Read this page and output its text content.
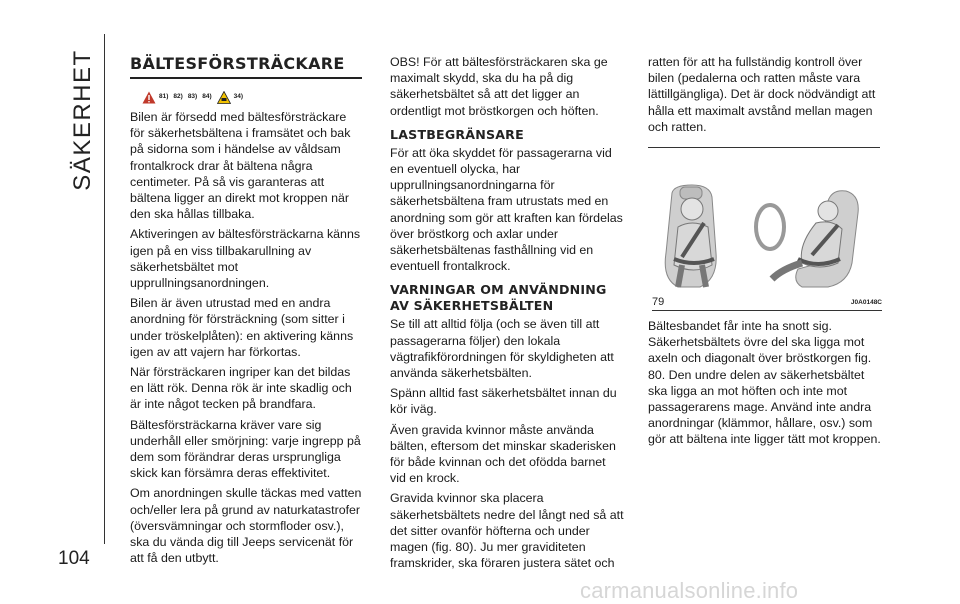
SÄKERHET
104
BÄLTESFÖRSTRÄCKARE
81) 82) 83) 84)	34)

Bilen är försedd med bältesförsträckare för säkerhetsbältena i framsätet och bak på sidorna som i händelse av våldsam frontalkrock drar åt bältena några centimeter. På så vis garanteras att bältena ligger an direkt mot kroppen när den ska hållas tillbaka.

Aktiveringen av bältesförsträckarna känns igen på en viss tillbakarullning av säkerhetsbältet mot upprullningsanordningen.

Bilen är även utrustad med en andra anordning för försträckning (som sitter i under tröskelplåten): en aktivering känns igen av att vajern har förkortas.

När försträckaren ingriper kan det bildas en lätt rök. Denna rök är inte skadlig och är inte något tecken på brandfara.

Bältesförsträckarna kräver vare sig underhåll eller smörjning: varje ingrepp på dem som förändrar deras ursprungliga skick kan försämra deras effektivitet.

Om anordningen skulle täckas med vatten och/eller lera på grund av naturkatastrofer (översvämningar och stormfloder osv.), ska du vända dig till Jeeps servicenät för att få den utbytt.

OBS! För att bältesförsträckaren ska ge maximalt skydd, ska du ha på dig säkerhetsbältet så att det ligger an ordentligt mot bröstkorgen och höften.

LASTBEGRÄNSARE

För att öka skyddet för passagerarna vid en eventuell olycka, har upprullningsanordningarna för säkerhetsbältena fram utrustats med en anordning som gör att kraften kan fördelas över bröstkorg och axlar under säkerhetsbältenas fasthållning vid en eventuell frontalkrock.

VARNINGAR OM ANVÄNDNING AV SÄKERHETSBÄLTEN

Se till att alltid följa (och se även till att passagerarna följer) den lokala vägtrafikförordningen för skyldigheten att använda säkerhetsbälten.

Spänn alltid fast säkerhetsbältet innan du kör iväg.

Även gravida kvinnor måste använda bälten, eftersom det minskar skaderisken för både kvinnan och det ofödda barnet vid en krock.

Gravida kvinnor ska placera säkerhetsbältets nedre del långt ned så att det sitter ovanför höfterna och under magen (fig. 80). Ju mer graviditeten framskrider, ska föraren justera sätet och

ratten för att ha fullständig kontroll över bilen (pedalerna och ratten måste vara lättillgängliga). Det är dock nödvändigt att hålla ett maximalt avstånd mellan magen och ratten.

79	J0A0148C

Bältesbandet får inte ha snott sig. Säkerhetsbältets övre del ska ligga mot axeln och diagonalt över bröstkorgen fig. 80. Den undre delen av säkerhetsbältet ska ligga an mot höften och inte mot passagerarens mage. Använd inte andra anordningar (klämmor, hållare, osv.) som gör att bältena inte ligger tätt mot kroppen.

carmanualsonline.info
